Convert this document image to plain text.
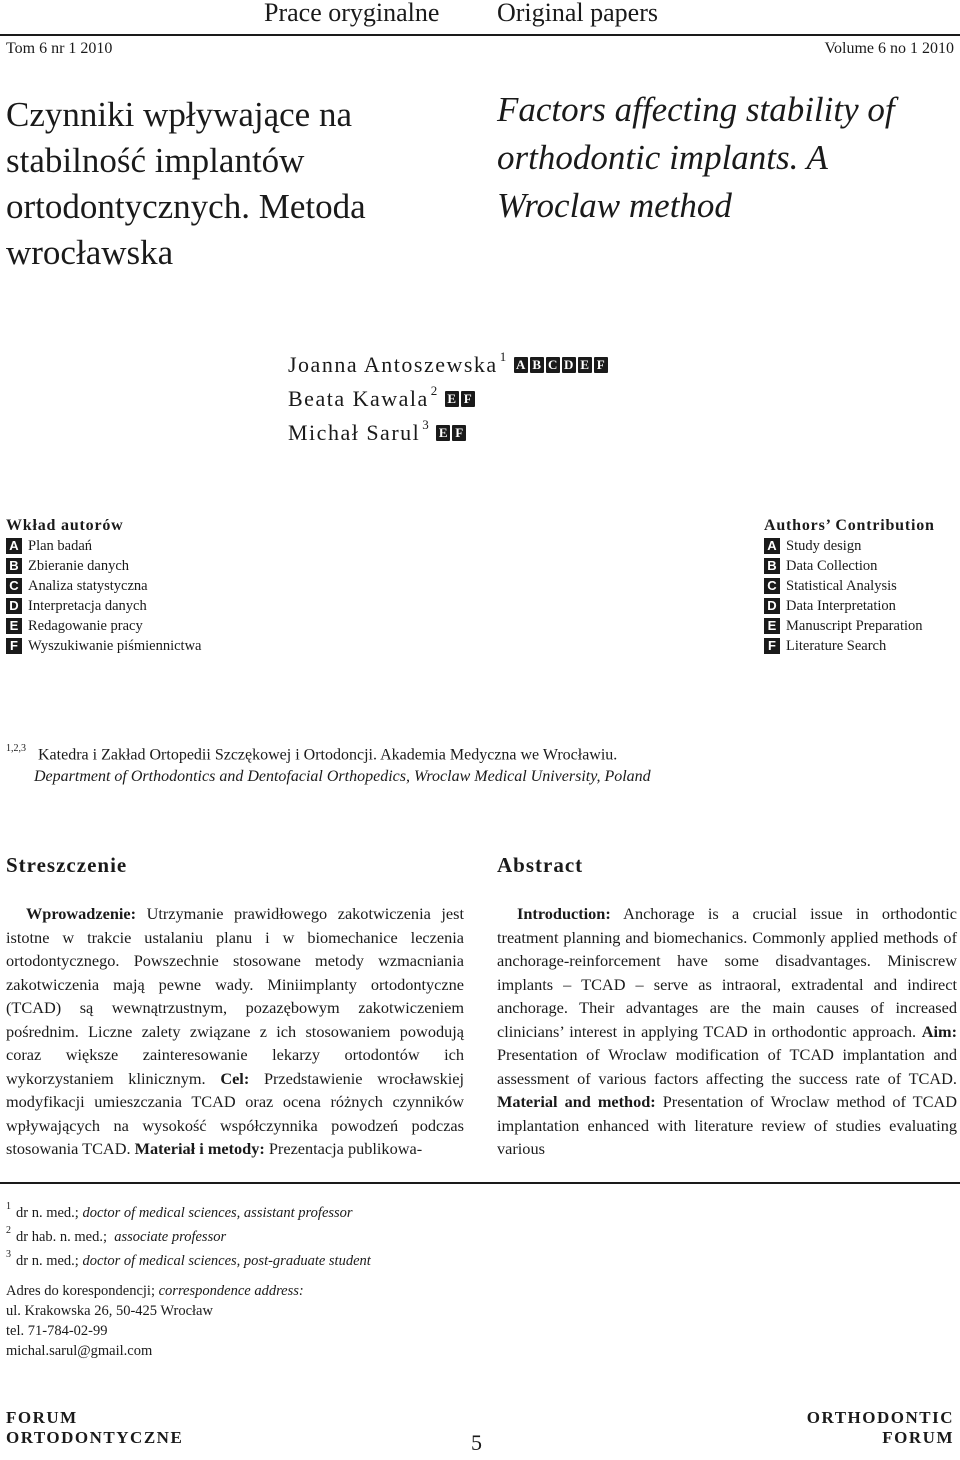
Prace oryginalne Original papers
Tom 6 nr 1 2010	Volume 6 no 1 2010
Czynniki wpływające na stabilność implantów ortodontycznych. Metoda wrocławska
Factors affecting stability of orthodontic implants. A Wroclaw method
Joanna Antoszewska$^1$
A B C D E F
Beata Kawala$^2$
E F
Michał Sarul$^3$
E F
Wkład autorów
A Plan badań
B Zbieranie danych
C Analiza statystyczna
D Interpretacja danych
E Redagowanie pracy
F Wyszukiwanie piśmiennictwa
Authors’ Contribution
A Study design
B Data Collection
C Statistical Analysis
D Data Interpretation
E Manuscript Preparation
F Literature Search
$^{1,2,3}$ Katedra i Zakład Ortopedii Szczękowej i Ortodoncji. Akademia Medyczna we Wrocławiu.
Department of Orthodontics and Dentofacial Orthopedics, Wroclaw Medical University, Poland
Streszczenie	Abstract

Wprowadzenie: Utrzymanie prawidłowego zakotwiczenia jest istotne w trakcie ustalaniu planu i w biomechanice leczenia ortodontycznego. Powszechnie stosowane metody wzmacniania zakotwiczenia mają pewne wady. Miniimplanty ortodontyczne (TCAD) są wewnątrzustnym, pozazębowym zakotwiczeniem pośrednim. Liczne zalety związane z ich stosowaniem powodują coraz większe zainteresowanie lekarzy ortodontów ich wykorzystaniem klinicznym. Cel: Przedstawienie wrocławskiej modyfikacji umieszczania TCAD oraz ocena różnych czynników wpływających na wysokość współczynnika powodzeń podczas stosowania TCAD. Materiał i metody: Prezentacja publikowa-

Introduction: Anchorage is a crucial issue in orthodontic treatment planning and biomechanics. Commonly applied methods of anchorage-reinforcement have some disadvantages. Miniscrew implants – TCAD – serve as intraoral, extradental and indirect anchorage. Their advantages are the main causes of increased clinicians’ interest in applying TCAD in orthodontic approach. Aim: Presentation of Wroclaw modification of TCAD implantation and assessment of various factors affecting the success rate of TCAD. Material and method: Presentation of Wroclaw method of TCAD implantation enhanced with literature review of studies evaluating various

$^1$ dr n. med.; doctor of medical sciences, assistant professor
$^2$ dr hab. n. med.; associate professor
$^3$ dr n. med.; doctor of medical sciences, post-graduate student
Adres do korespondencji; correspondence address:
ul. Krakowska 26, 50-425 Wrocław
tel. 71-784-02-99
michal.sarul@gmail.com
FORUM
ORTODONTYCZNE	5
ORTHODONTIC
FORUM
